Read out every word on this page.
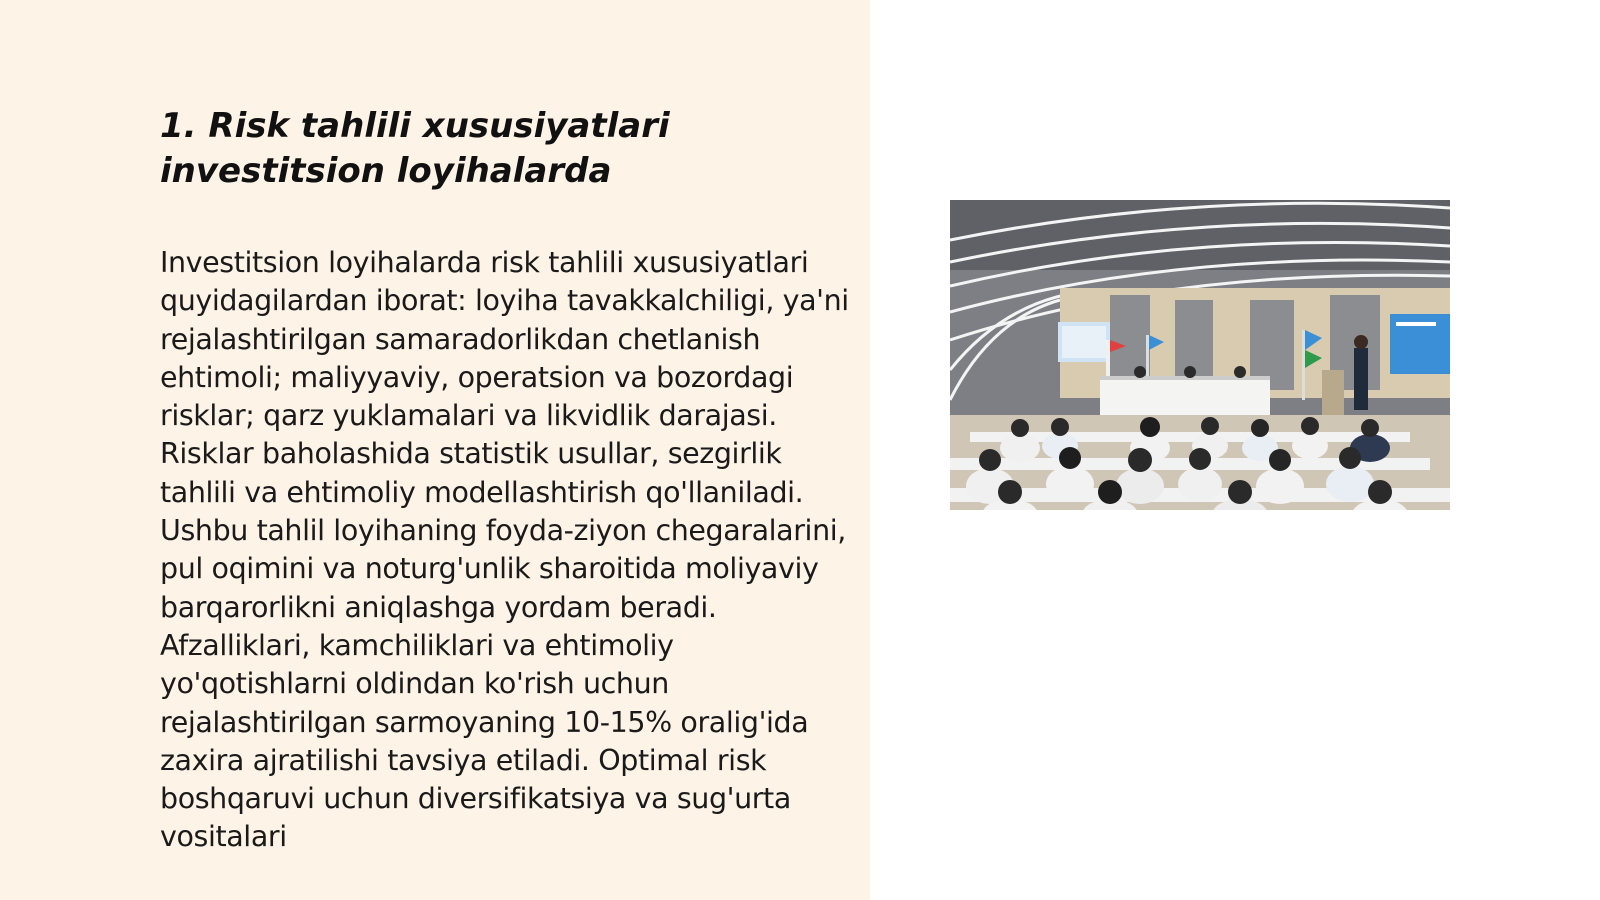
1. Risk tahlili xususiyatlari investitsion loyihalarda

Investitsion loyihalarda risk tahlili xususiyatlari quyidagilardan iborat: loyiha tavakkalchiligi, ya'ni rejalashtirilgan samaradorlikdan chetlanish ehtimoli; maliyyaviy, operatsion va bozordagi risklar; qarz yuklamalari va likvidlik darajasi. Risklar baholashida statistik usullar, sezgirlik tahlili va ehtimoliy modellashtirish qo'llaniladi. Ushbu tahlil loyihaning foyda-ziyon chegaralarini, pul oqimini va noturg'unlik sharoitida moliyaviy barqarorlikni aniqlashga yordam beradi. Afzalliklari, kamchiliklari va ehtimoliy yo'qotishlarni oldindan ko'rish uchun rejalashtirilgan sarmoyaning 10-15% oralig'ida zaxira ajratilishi tavsiya etiladi. Optimal risk boshqaruvi uchun diversifikatsiya va sug'urta vositalari
